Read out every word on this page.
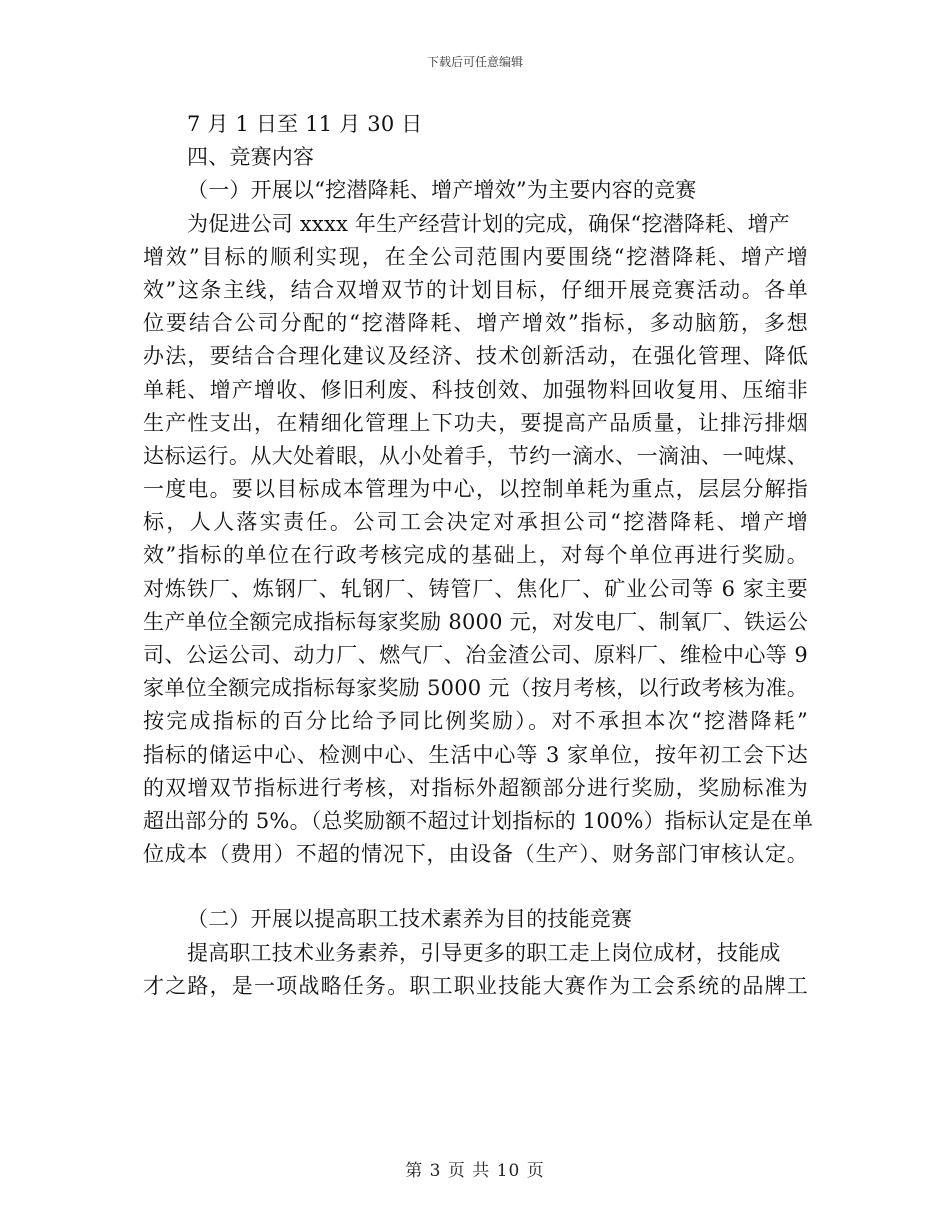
下载后可任意编辑
7 月 1 日至 11 月 30 日
四、竞赛内容
（一）开展以“挖潜降耗、增产增效”为主要内容的竞赛
为促进公司 xxxx 年生产经营计划的完成，确保“挖潜降耗、增产
增效”目标的顺利实现，在全公司范围内要围绕“挖潜降耗、增产增
效”这条主线，结合双增双节的计划目标，仔细开展竞赛活动。各单
位要结合公司分配的“挖潜降耗、增产增效”指标，多动脑筋，多想
办法，要结合合理化建议及经济、技术创新活动，在强化管理、降低
单耗、增产增收、修旧利废、科技创效、加强物料回收复用、压缩非
生产性支出，在精细化管理上下功夫，要提高产品质量，让排污排烟
达标运行。从大处着眼，从小处着手，节约一滴水、一滴油、一吨煤、
一度电。要以目标成本管理为中心，以控制单耗为重点，层层分解指
标，人人落实责任。公司工会决定对承担公司“挖潜降耗、增产增
效”指标的单位在行政考核完成的基础上，对每个单位再进行奖励。
对炼铁厂、炼钢厂、轧钢厂、铸管厂、焦化厂、矿业公司等 6 家主要
生产单位全额完成指标每家奖励 8000 元，对发电厂、制氧厂、铁运公
司、公运公司、动力厂、燃气厂、冶金渣公司、原料厂、维检中心等 9
家单位全额完成指标每家奖励 5000 元（按月考核，以行政考核为准。
按完成指标的百分比给予同比例奖励）。对不承担本次“挖潜降耗”
指标的储运中心、检测中心、生活中心等 3 家单位，按年初工会下达
的双增双节指标进行考核，对指标外超额部分进行奖励，奖励标准为
超出部分的 5%。（总奖励额不超过计划指标的 100%）指标认定是在单
位成本（费用）不超的情况下，由设备（生产）、财务部门审核认定。
（二）开展以提高职工技术素养为目的技能竞赛
提高职工技术业务素养，引导更多的职工走上岗位成材，技能成
才之路，是一项战略任务。职工职业技能大赛作为工会系统的品牌工
第 3 页 共 10 页
